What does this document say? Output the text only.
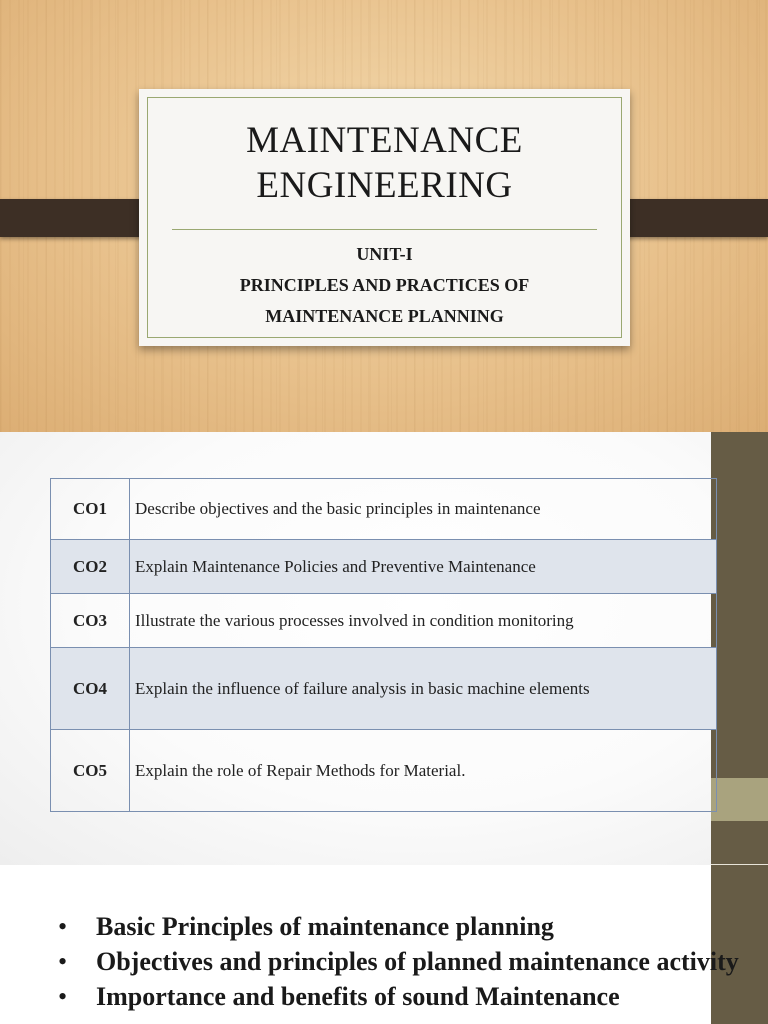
MAINTENANCE
ENGINEERING
UNIT-I
PRINCIPLES AND PRACTICES OF
MAINTENANCE PLANNING
CO1	Describe objectives and the basic principles in maintenance
CO2	Explain Maintenance Policies and Preventive Maintenance
CO3	Illustrate the various processes involved in condition monitoring
CO4	Explain the influence of failure analysis in basic machine elements
CO5	Explain the role of Repair Methods for Material.
• Basic Principles of maintenance planning
• Objectives and principles of planned maintenance activity
• Importance and benefits of sound Maintenance
